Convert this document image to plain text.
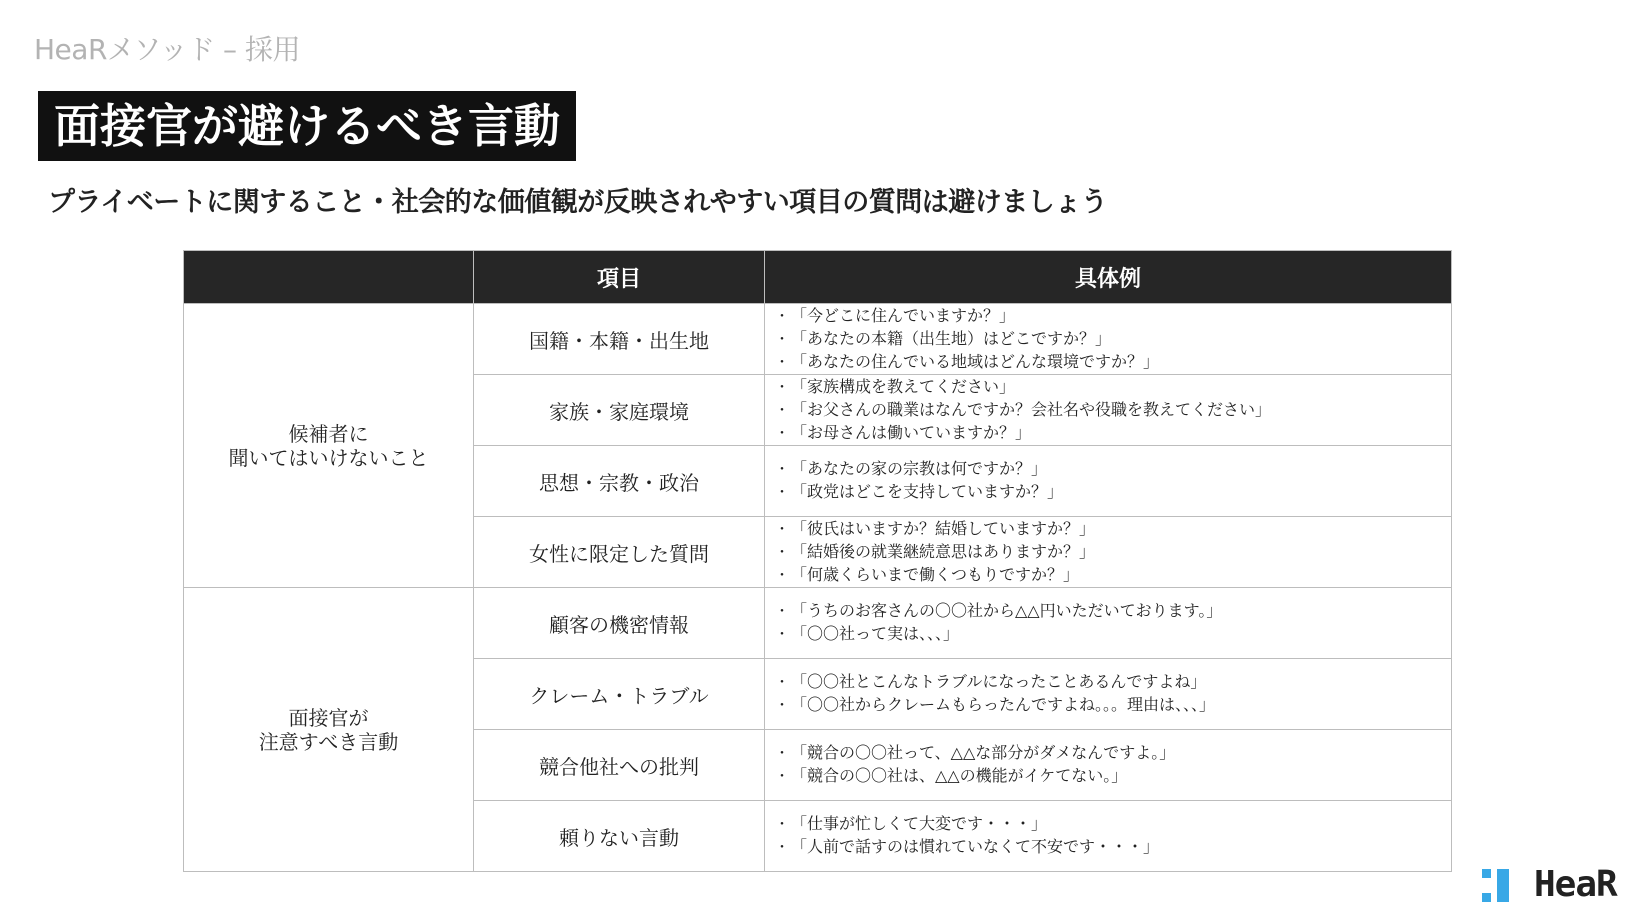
HeaRメソッド – 採用
面接官が避けるべき言動
プライベートに関すること・社会的な価値観が反映されやすい項目の質問は避けましょう
	項目	具体例

候補者に
聞いてはいけないこと	国籍・本籍・出生地	・ 「今どこに住んでいますか？」
・ 「あなたの本籍（出生地）はどこですか？」
・ 「あなたの住んでいる地域はどんな環境ですか？」

	家族・家庭環境	・ 「家族構成を教えてください」
・ 「お父さんの職業はなんですか？会社名や役職を教えてください」
・ 「お母さんは働いていますか？」

	思想・宗教・政治	・ 「あなたの家の宗教は何ですか？」
・ 「政党はどこを支持していますか？」

	女性に限定した質問	・ 「彼氏はいますか？結婚していますか？」
・ 「結婚後の就業継続意思はありますか？」
・ 「何歳くらいまで働くつもりですか？」

面接官が
注意すべき言動	顧客の機密情報	・ 「うちのお客さんの〇〇社から△△円いただいております。」
・ 「〇〇社って実は、、、」

	クレーム・トラブル	・ 「〇〇社とこんなトラブルになったことあるんですよね」
・ 「〇〇社からクレームもらったんですよね。。。理由は、、、」

	競合他社への批判	・ 「競合の〇〇社って、△△な部分がダメなんですよ。」
・ 「競合の〇〇社は、△△の機能がイケてない。」

	頼りない言動	・ 「仕事が忙しくて大変です・・・」
・ 「人前で話すのは慣れていなくて不安です・・・」
HeaR
